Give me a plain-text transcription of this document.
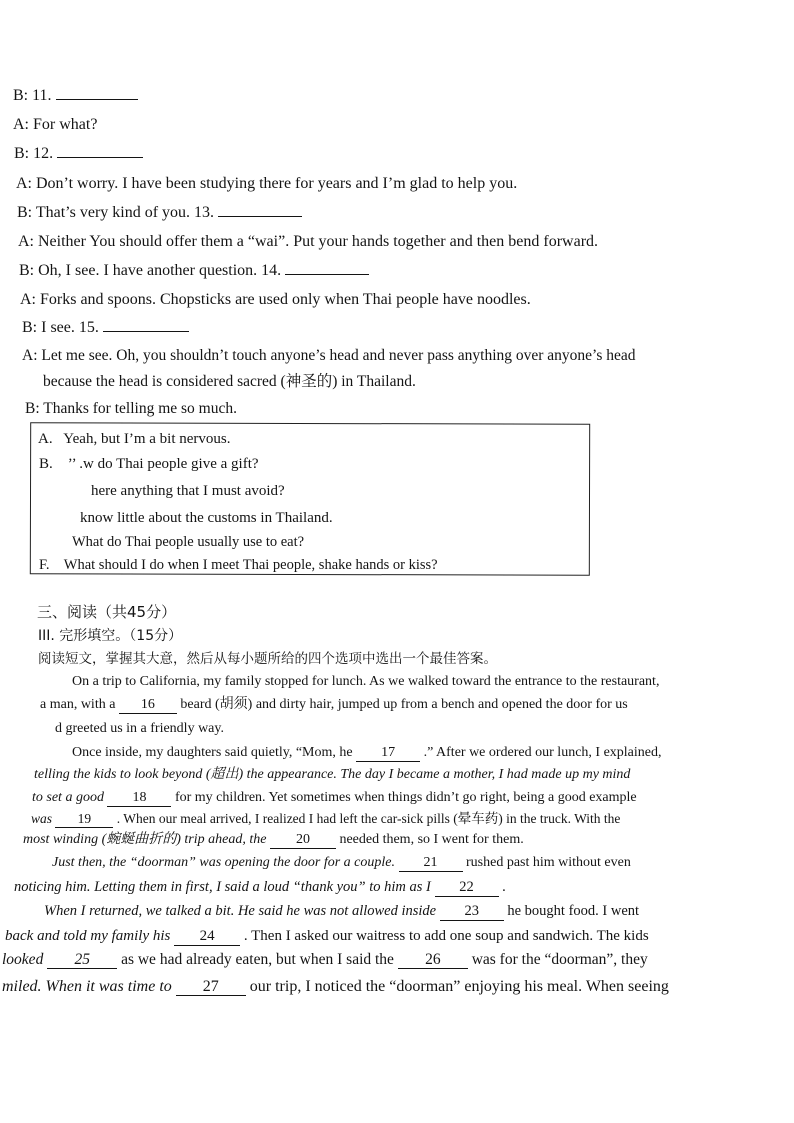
B: 11.
A: For what?
B: 12.
A: Don’t worry. I have been studying there for years and I’m glad to help you.
B: That’s very kind of you. 13.
A: Neither You should offer them a “wai”. Put your hands together and then bend forward.
B: Oh, I see. I have another question. 14.
A: Forks and spoons. Chopsticks are used only when Thai people have noodles.
B: I see. 15.
A: Let me see. Oh, you shouldn’t touch anyone’s head and never pass anything over anyone’s head
because the head is considered sacred (神圣的) in Thailand.
B: Thanks for telling me so much.
A. Yeah, but I’m a bit nervous.
B. ’’ .w do Thai people give a gift?
here anything that I must avoid?
know little about the customs in Thailand.
What do Thai people usually use to eat?
F. What should I do when I meet Thai people, shake hands or kiss?
三、阅读（共45分）
III. 完形填空。（15分）
阅读短文，掌握其大意，然后从每小题所给的四个选项中选出一个最佳答案。
On a trip to California, my family stopped for lunch. As we walked toward the entrance to the restaurant,
a man, with a 16 beard (胡须) and dirty hair, jumped up from a bench and opened the door for us
d greeted us in a friendly way.
Once inside, my daughters said quietly, “Mom, he 17 .” After we ordered our lunch, I explained,
telling the kids to look beyond (超出) the appearance. The day I became a mother, I had made up my mind
to set a good 18 for my children. Yet sometimes when things didn’t go right, being a good example
was 19 . When our meal arrived, I realized I had left the car-sick pills (晕车药) in the truck. With the
most winding (蜿蜒曲折的) trip ahead, the 20 needed them, so I went for them.
Just then, the “doorman” was opening the door for a couple. 21 rushed past him without even
noticing him. Letting them in first, I said a loud “thank you” to him as I 22 .
When I returned, we talked a bit. He said he was not allowed inside 23 he bought food. I went
back and told my family his 24 . Then I asked our waitress to add one soup and sandwich. The kids
looked 25 as we had already eaten, but when I said the 26 was for the “doorman”, they
miled. When it was time to 27 our trip, I noticed the “doorman” enjoying his meal. When seeing
